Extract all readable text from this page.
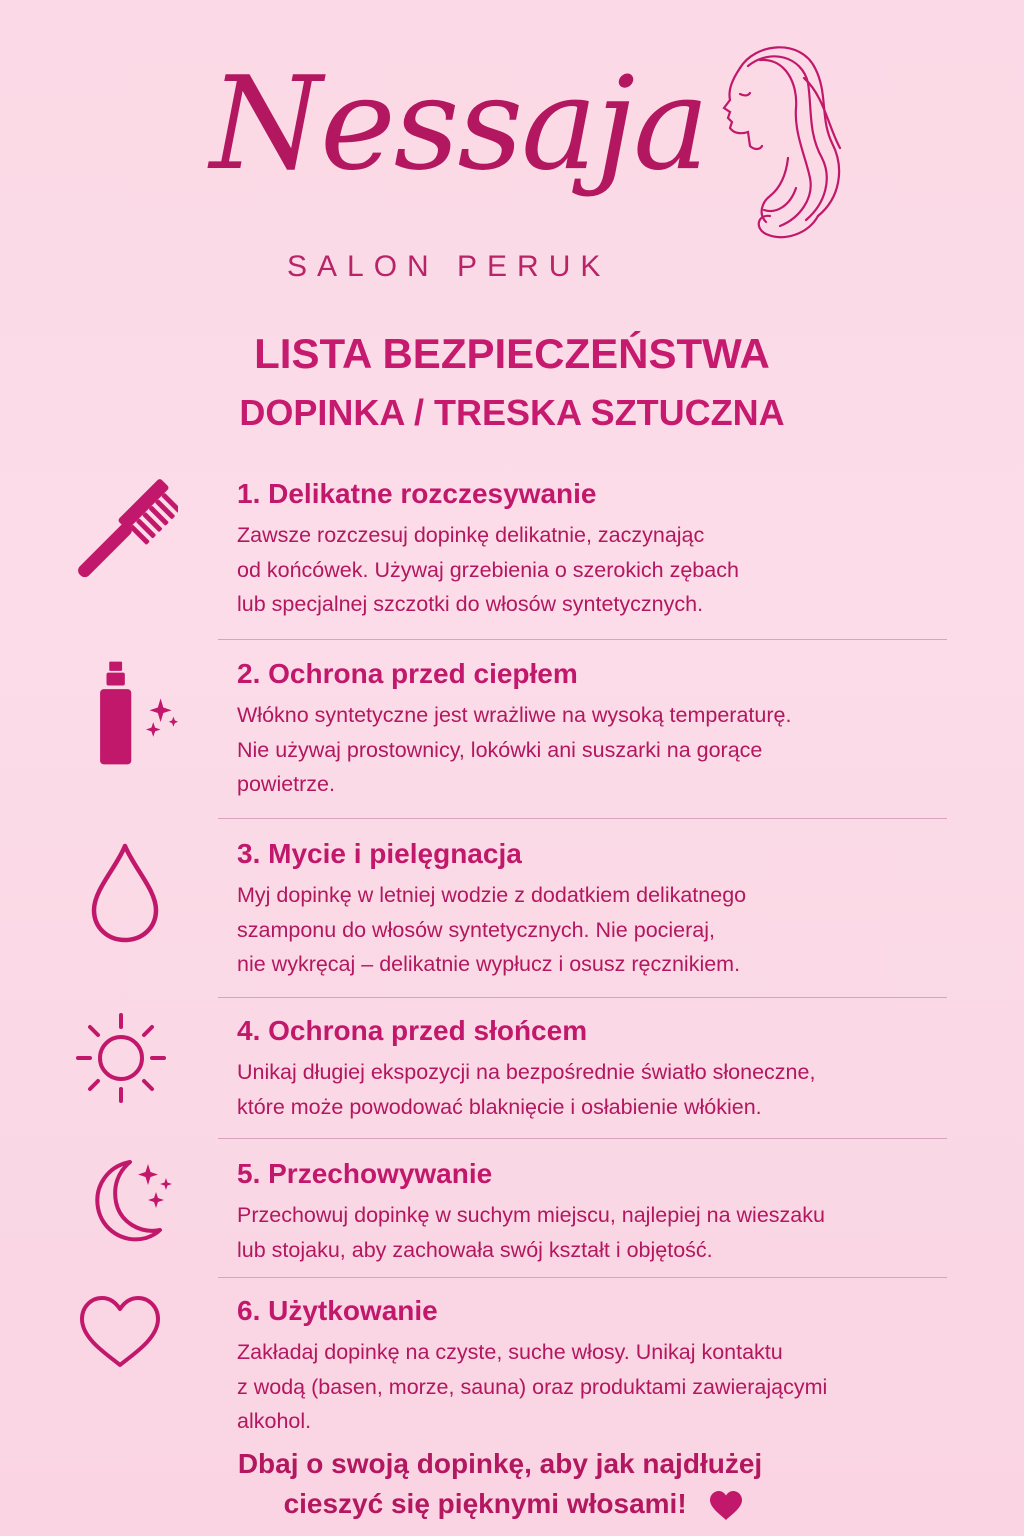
Nessaja
SALON PERUK
LISTA BEZPIECZEŃSTWA
DOPINKA / TRESKA SZTUCZNA
1. Delikatne rozczesywanie
Zawsze rozczesuj dopinkę delikatnie, zaczynając
od końcówek. Używaj grzebienia o szerokich zębach
lub specjalnej szczotki do włosów syntetycznych.
2. Ochrona przed ciepłem
Włókno syntetyczne jest wrażliwe na wysoką temperaturę.
Nie używaj prostownicy, lokówki ani suszarki na gorące
powietrze.
3. Mycie i pielęgnacja
Myj dopinkę w letniej wodzie z dodatkiem delikatnego
szamponu do włosów syntetycznych. Nie pocieraj,
nie wykręcaj – delikatnie wypłucz i osusz ręcznikiem.
4. Ochrona przed słońcem
Unikaj długiej ekspozycji na bezpośrednie światło słoneczne,
które może powodować blaknięcie i osłabienie włókien.
5. Przechowywanie
Przechowuj dopinkę w suchym miejscu, najlepiej na wieszaku
lub stojaku, aby zachowała swój kształt i objętość.
6. Użytkowanie
Zakładaj dopinkę na czyste, suche włosy. Unikaj kontaktu
z wodą (basen, morze, sauna) oraz produktami zawierającymi
alkohol.
Dbaj o swoją dopinkę, aby jak najdłużej
cieszyć się pięknymi włosami!
